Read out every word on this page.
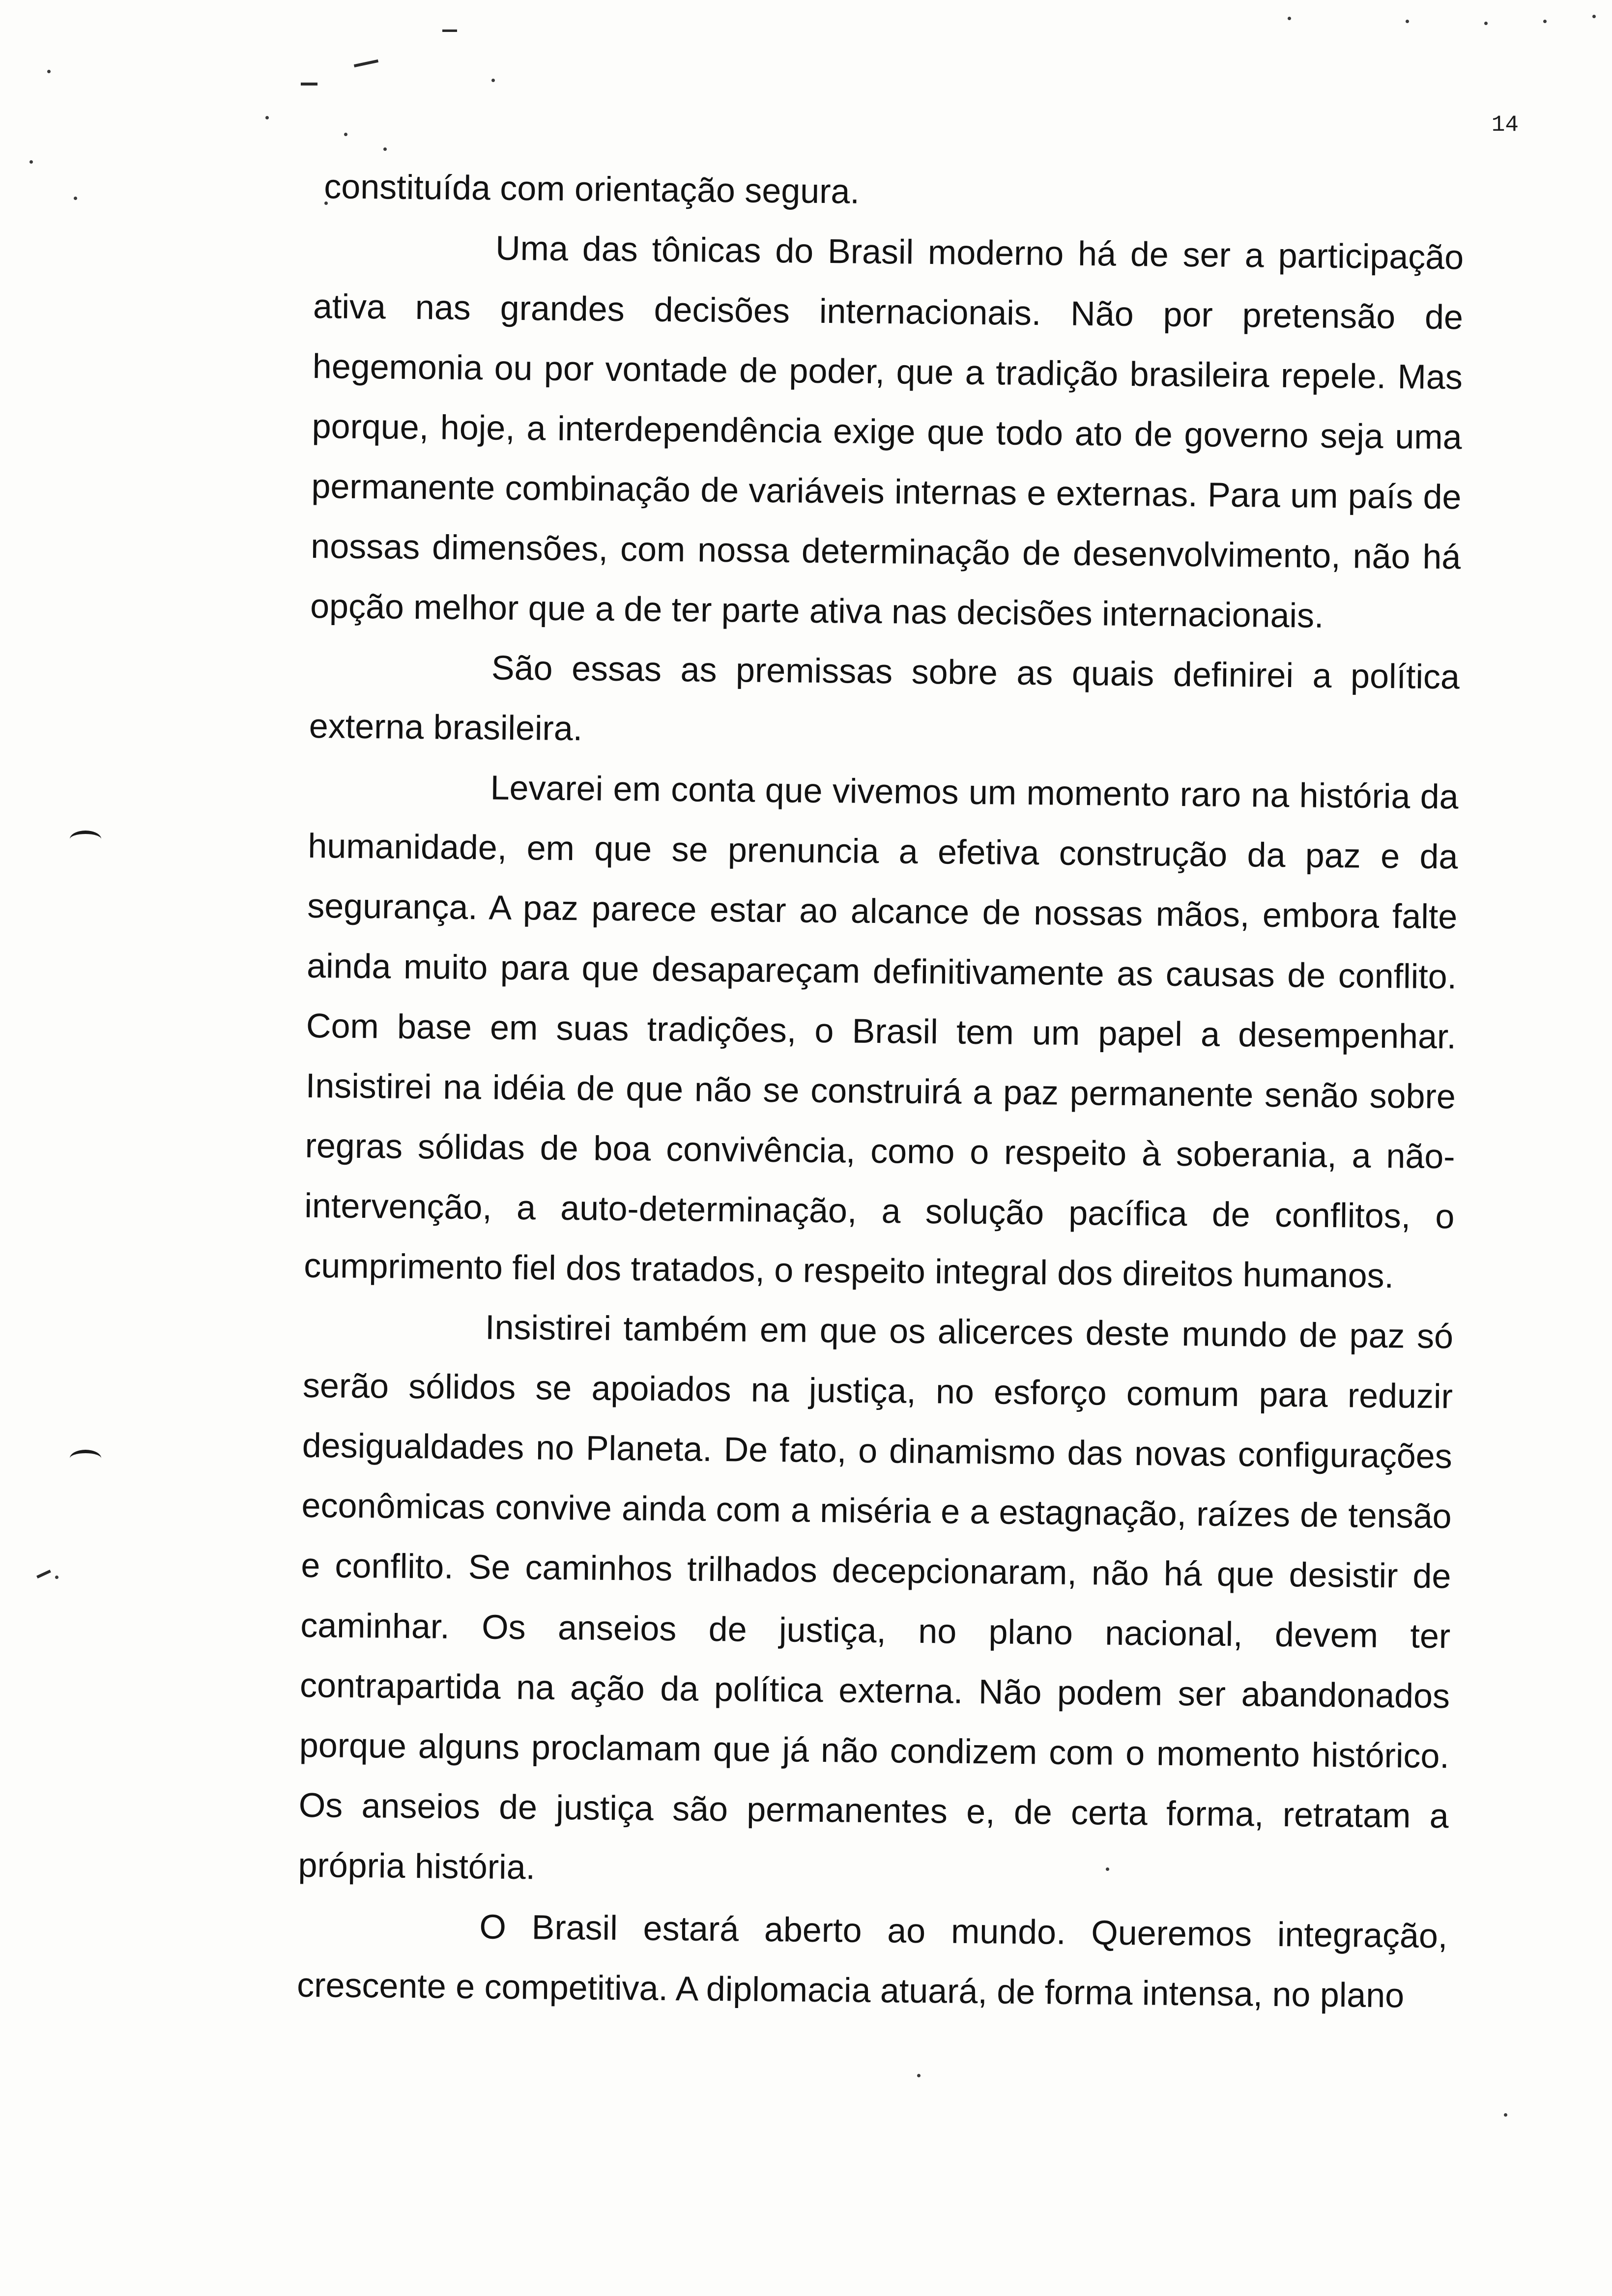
14

constituída com orientação segura.

Uma das tônicas do Brasil moderno há de ser a participação ativa nas grandes decisões internacionais. Não por pretensão de hegemonia ou por vontade de poder, que a tradição brasileira repele. Mas porque, hoje, a interdependência exige que todo ato de governo seja uma permanente combinação de variáveis internas e externas. Para um país de nossas dimensões, com nossa determinação de desenvolvimento, não há opção melhor que a de ter parte ativa nas decisões internacionais.

São essas as premissas sobre as quais definirei a política externa brasileira.

Levarei em conta que vivemos um momento raro na história da humanidade, em que se prenuncia a efetiva construção da paz e da segurança. A paz parece estar ao alcance de nossas mãos, embora falte ainda muito para que desapareçam definitivamente as causas de conflito. Com base em suas tradições, o Brasil tem um papel a desempenhar. Insistirei na idéia de que não se construirá a paz permanente senão sobre regras sólidas de boa convivência, como o respeito à soberania, a não-intervenção, a auto-determinação, a solução pacífica de conflitos, o cumprimento fiel dos tratados, o respeito integral dos direitos humanos.

Insistirei também em que os alicerces deste mundo de paz só serão sólidos se apoiados na justiça, no esforço comum para reduzir desigualdades no Planeta. De fato, o dinamismo das novas configurações econômicas convive ainda com a miséria e a estagnação, raízes de tensão e conflito. Se caminhos trilhados decepcionaram, não há que desistir de caminhar. Os anseios de justiça, no plano nacional, devem ter contrapartida na ação da política externa. Não podem ser abandonados porque alguns proclamam que já não condizem com o momento histórico. Os anseios de justiça são permanentes e, de certa forma, retratam a própria história.

O Brasil estará aberto ao mundo. Queremos integração, crescente e competitiva. A diplomacia atuará, de forma intensa, no plano
